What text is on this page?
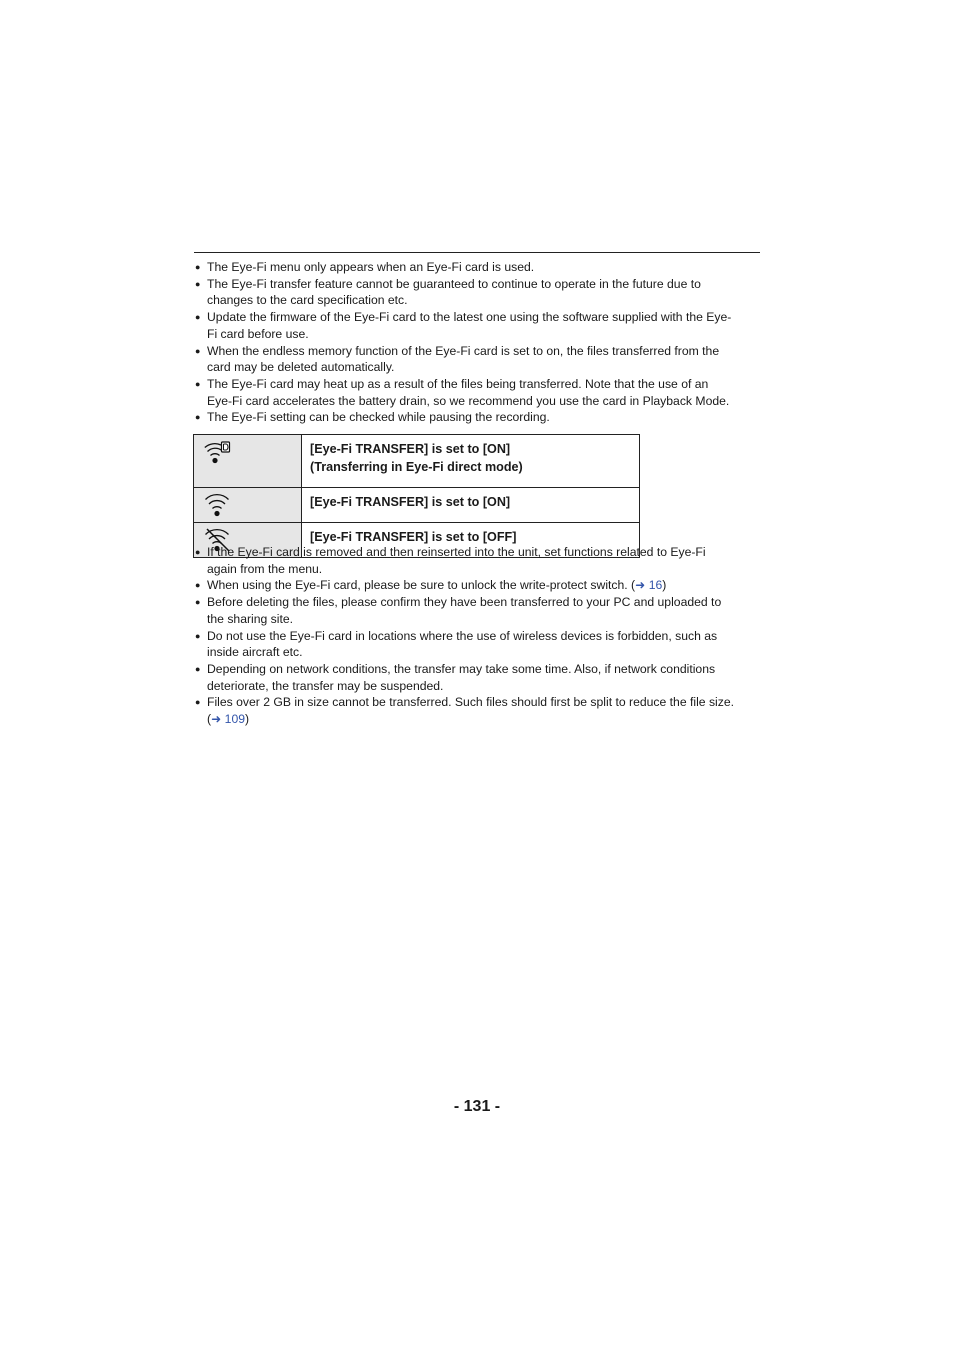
● The Eye-Fi menu only appears when an Eye-Fi card is used.
● The Eye-Fi transfer feature cannot be guaranteed to continue to operate in the future due to
changes to the card specification etc.
● Update the firmware of the Eye-Fi card to the latest one using the software supplied with the Eye-
Fi card before use.
● When the endless memory function of the Eye-Fi card is set to on, the files transferred from the
card may be deleted automatically.
● The Eye-Fi card may heat up as a result of the files being transferred. Note that the use of an
Eye-Fi card accelerates the battery drain, so we recommend you use the card in Playback Mode.
● The Eye-Fi setting can be checked while pausing the recording.

[Eye-Fi TRANSFER] is set to [ON]
(Transferring in Eye-Fi direct mode)

[Eye-Fi TRANSFER] is set to [ON]

[Eye-Fi TRANSFER] is set to [OFF]
● If the Eye-Fi card is removed and then reinserted into the unit, set functions related to Eye-Fi
again from the menu.
● When using the Eye-Fi card, please be sure to unlock the write-protect switch. (➜ 16)
● Before deleting the files, please confirm they have been transferred to your PC and uploaded to
the sharing site.
● Do not use the Eye-Fi card in locations where the use of wireless devices is forbidden, such as
inside aircraft etc.
● Depending on network conditions, the transfer may take some time. Also, if network conditions
deteriorate, the transfer may be suspended.
● Files over 2 GB in size cannot be transferred. Such files should first be split to reduce the file size.
(➜ 109)
- 131 -
